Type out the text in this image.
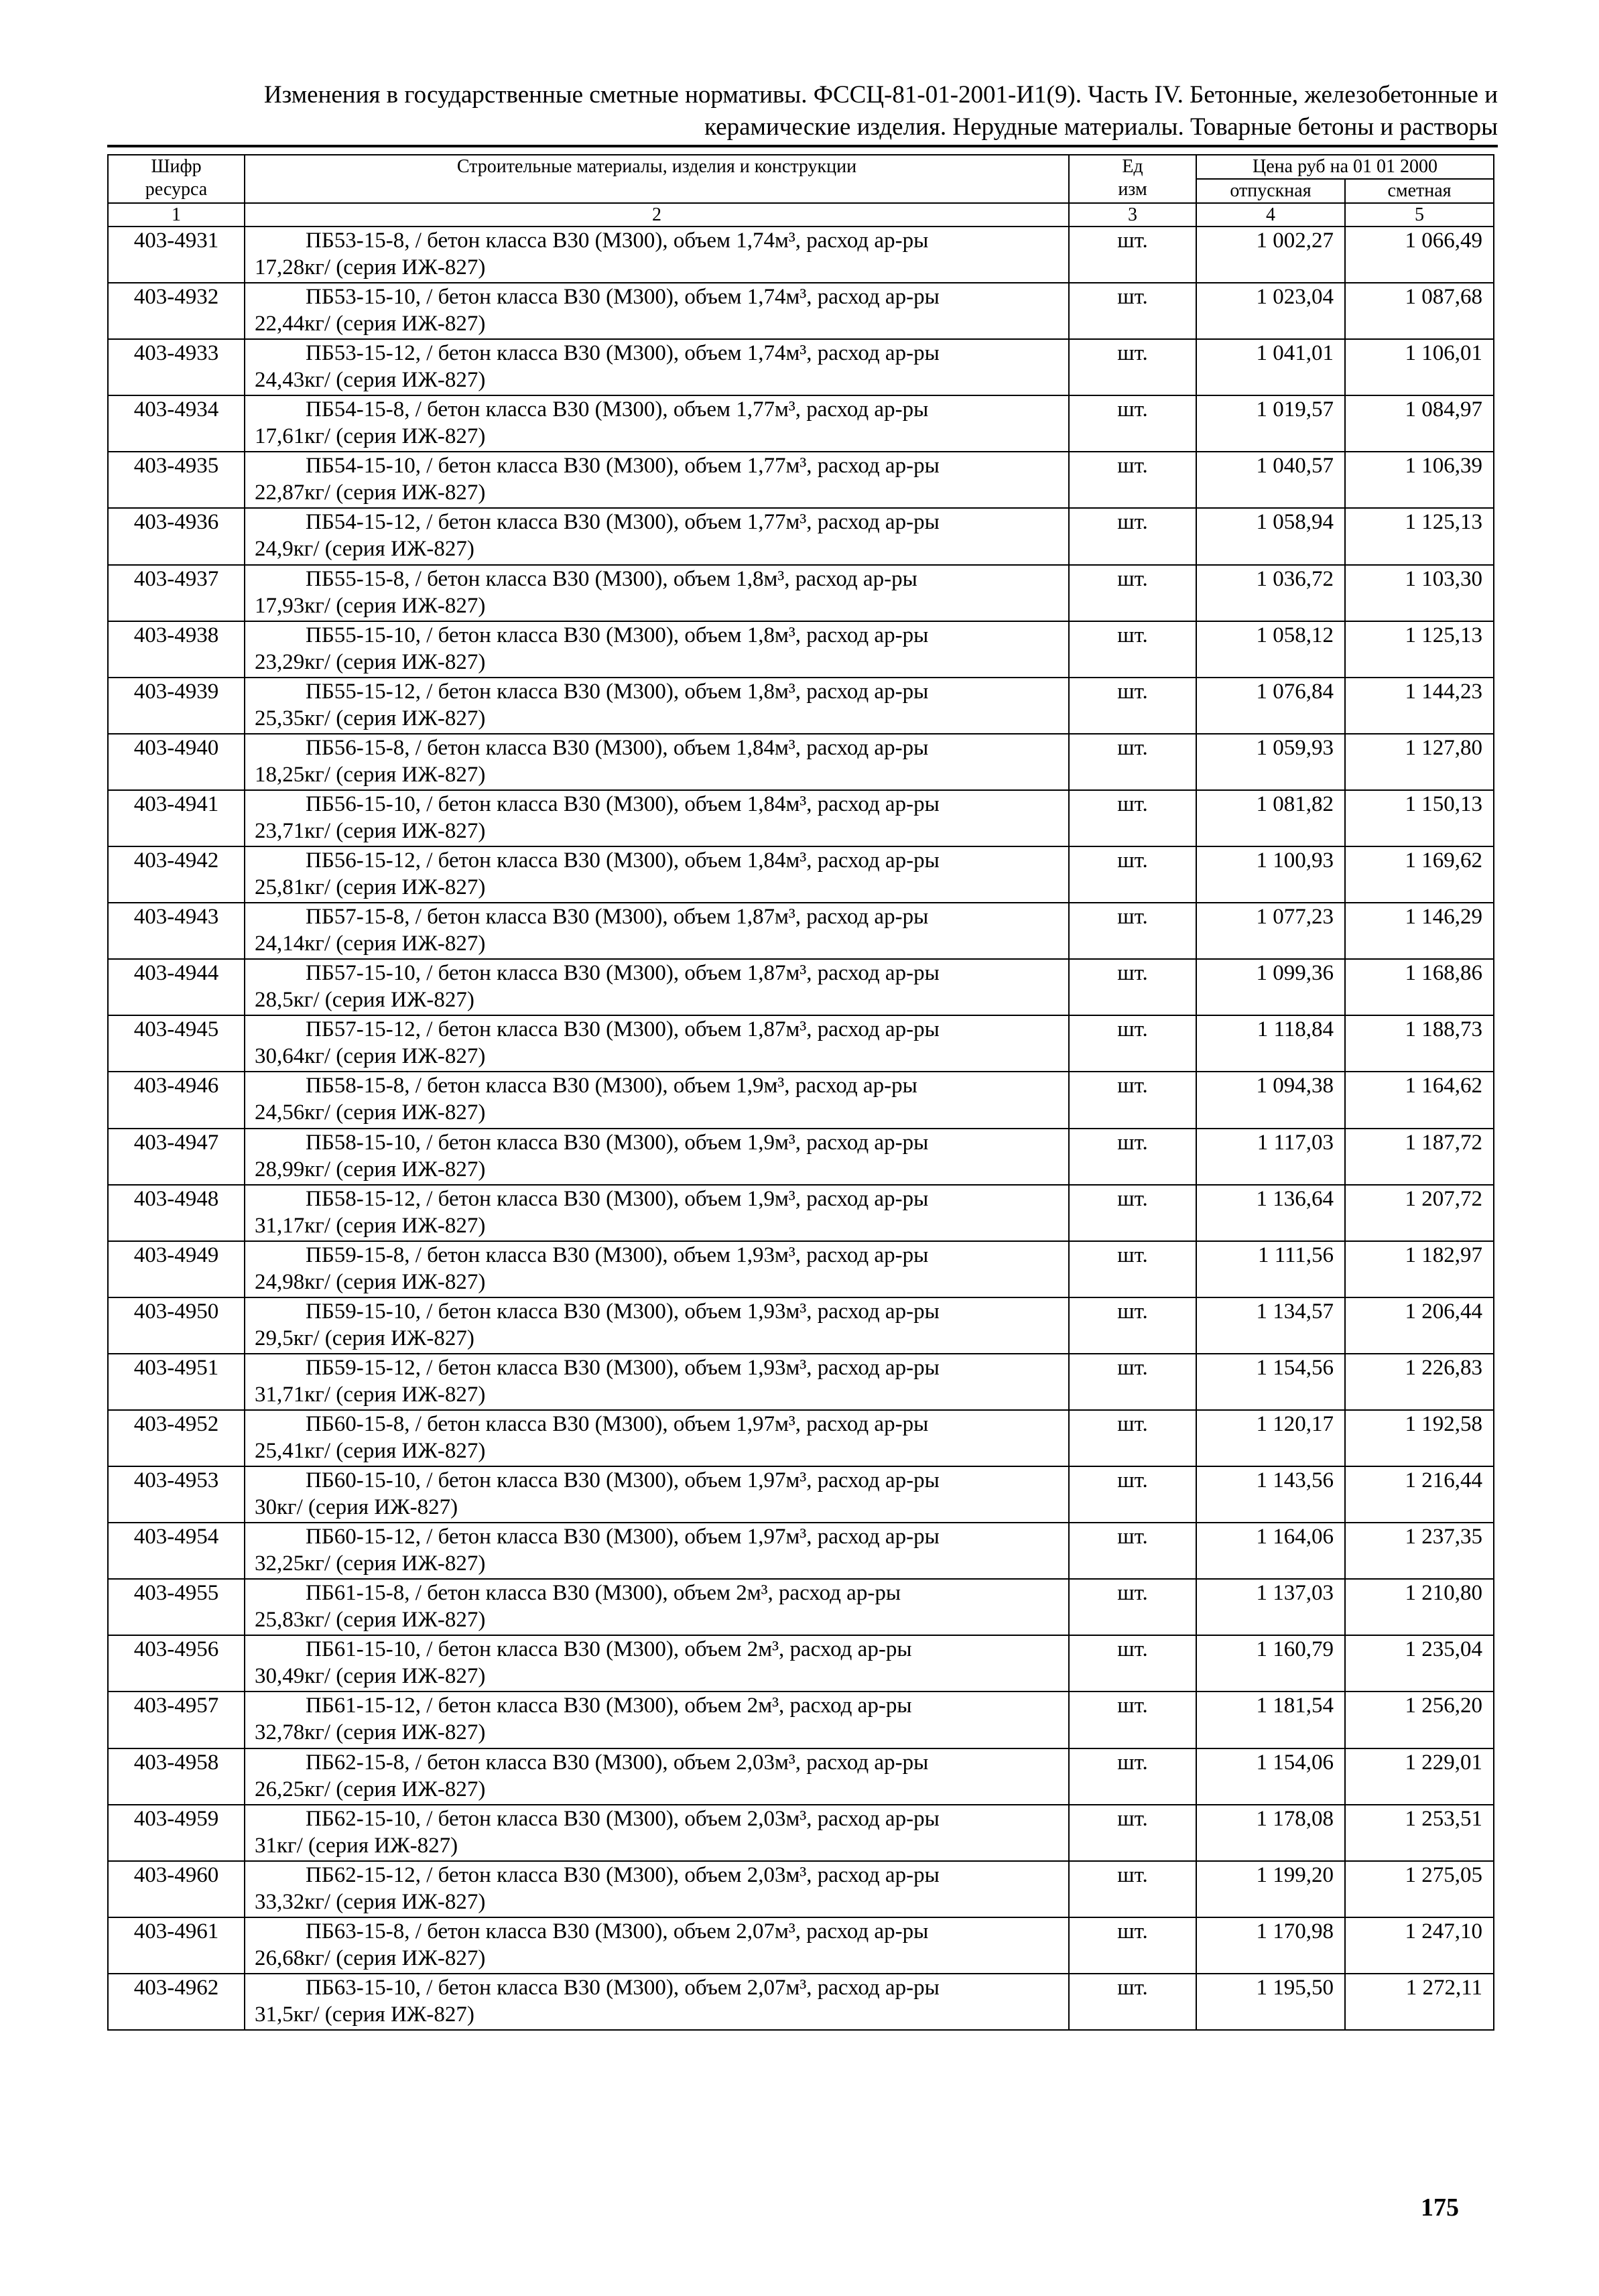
Изменения в государственные сметные нормативы. ФССЦ-81-01-2001-И1(9). Часть IV. Бетонные, железобетонные и
керамические изделия. Нерудные материалы. Товарные бетоны и растворы
Шифр
ресурса	Строительные материалы, изделия и конструкции	Ед
изм	Цена руб на 01 01 2000	
			отпускная	сметная
1	2	3	4	5
403-4931	ПБ53-15-8, / бетон класса В30 (М300), объем 1,74м³, расход ар-ры
17,28кг/ (серия ИЖ-827)	шт.	1 002,27	1 066,49
403-4932	ПБ53-15-10, / бетон класса В30 (М300), объем 1,74м³, расход ар-ры
22,44кг/ (серия ИЖ-827)	шт.	1 023,04	1 087,68
403-4933	ПБ53-15-12, / бетон класса В30 (М300), объем 1,74м³, расход ар-ры
24,43кг/ (серия ИЖ-827)	шт.	1 041,01	1 106,01
403-4934	ПБ54-15-8, / бетон класса В30 (М300), объем 1,77м³, расход ар-ры
17,61кг/ (серия ИЖ-827)	шт.	1 019,57	1 084,97
403-4935	ПБ54-15-10, / бетон класса В30 (М300), объем 1,77м³, расход ар-ры
22,87кг/ (серия ИЖ-827)	шт.	1 040,57	1 106,39
403-4936	ПБ54-15-12, / бетон класса В30 (М300), объем 1,77м³, расход ар-ры
24,9кг/ (серия ИЖ-827)	шт.	1 058,94	1 125,13
403-4937	ПБ55-15-8, / бетон класса В30 (М300), объем 1,8м³, расход ар-ры
17,93кг/ (серия ИЖ-827)	шт.	1 036,72	1 103,30
403-4938	ПБ55-15-10, / бетон класса В30 (М300), объем 1,8м³, расход ар-ры
23,29кг/ (серия ИЖ-827)	шт.	1 058,12	1 125,13
403-4939	ПБ55-15-12, / бетон класса В30 (М300), объем 1,8м³, расход ар-ры
25,35кг/ (серия ИЖ-827)	шт.	1 076,84	1 144,23
403-4940	ПБ56-15-8, / бетон класса В30 (М300), объем 1,84м³, расход ар-ры
18,25кг/ (серия ИЖ-827)	шт.	1 059,93	1 127,80
403-4941	ПБ56-15-10, / бетон класса В30 (М300), объем 1,84м³, расход ар-ры
23,71кг/ (серия ИЖ-827)	шт.	1 081,82	1 150,13
403-4942	ПБ56-15-12, / бетон класса В30 (М300), объем 1,84м³, расход ар-ры
25,81кг/ (серия ИЖ-827)	шт.	1 100,93	1 169,62
403-4943	ПБ57-15-8, / бетон класса В30 (М300), объем 1,87м³, расход ар-ры
24,14кг/ (серия ИЖ-827)	шт.	1 077,23	1 146,29
403-4944	ПБ57-15-10, / бетон класса В30 (М300), объем 1,87м³, расход ар-ры
28,5кг/ (серия ИЖ-827)	шт.	1 099,36	1 168,86
403-4945	ПБ57-15-12, / бетон класса В30 (М300), объем 1,87м³, расход ар-ры
30,64кг/ (серия ИЖ-827)	шт.	1 118,84	1 188,73
403-4946	ПБ58-15-8, / бетон класса В30 (М300), объем 1,9м³, расход ар-ры
24,56кг/ (серия ИЖ-827)	шт.	1 094,38	1 164,62
403-4947	ПБ58-15-10, / бетон класса В30 (М300), объем 1,9м³, расход ар-ры
28,99кг/ (серия ИЖ-827)	шт.	1 117,03	1 187,72
403-4948	ПБ58-15-12, / бетон класса В30 (М300), объем 1,9м³, расход ар-ры
31,17кг/ (серия ИЖ-827)	шт.	1 136,64	1 207,72
403-4949	ПБ59-15-8, / бетон класса В30 (М300), объем 1,93м³, расход ар-ры
24,98кг/ (серия ИЖ-827)	шт.	1 111,56	1 182,97
403-4950	ПБ59-15-10, / бетон класса В30 (М300), объем 1,93м³, расход ар-ры
29,5кг/ (серия ИЖ-827)	шт.	1 134,57	1 206,44
403-4951	ПБ59-15-12, / бетон класса В30 (М300), объем 1,93м³, расход ар-ры
31,71кг/ (серия ИЖ-827)	шт.	1 154,56	1 226,83
403-4952	ПБ60-15-8, / бетон класса В30 (М300), объем 1,97м³, расход ар-ры
25,41кг/ (серия ИЖ-827)	шт.	1 120,17	1 192,58
403-4953	ПБ60-15-10, / бетон класса В30 (М300), объем 1,97м³, расход ар-ры
30кг/ (серия ИЖ-827)	шт.	1 143,56	1 216,44
403-4954	ПБ60-15-12, / бетон класса В30 (М300), объем 1,97м³, расход ар-ры
32,25кг/ (серия ИЖ-827)	шт.	1 164,06	1 237,35
403-4955	ПБ61-15-8, / бетон класса В30 (М300), объем 2м³, расход ар-ры
25,83кг/ (серия ИЖ-827)	шт.	1 137,03	1 210,80
403-4956	ПБ61-15-10, / бетон класса В30 (М300), объем 2м³, расход ар-ры
30,49кг/ (серия ИЖ-827)	шт.	1 160,79	1 235,04
403-4957	ПБ61-15-12, / бетон класса В30 (М300), объем 2м³, расход ар-ры
32,78кг/ (серия ИЖ-827)	шт.	1 181,54	1 256,20
403-4958	ПБ62-15-8, / бетон класса В30 (М300), объем 2,03м³, расход ар-ры
26,25кг/ (серия ИЖ-827)	шт.	1 154,06	1 229,01
403-4959	ПБ62-15-10, / бетон класса В30 (М300), объем 2,03м³, расход ар-ры
31кг/ (серия ИЖ-827)	шт.	1 178,08	1 253,51
403-4960	ПБ62-15-12, / бетон класса В30 (М300), объем 2,03м³, расход ар-ры
33,32кг/ (серия ИЖ-827)	шт.	1 199,20	1 275,05
403-4961	ПБ63-15-8, / бетон класса В30 (М300), объем 2,07м³, расход ар-ры
26,68кг/ (серия ИЖ-827)	шт.	1 170,98	1 247,10
403-4962	ПБ63-15-10, / бетон класса В30 (М300), объем 2,07м³, расход ар-ры
31,5кг/ (серия ИЖ-827)	шт.	1 195,50	1 272,11
175
